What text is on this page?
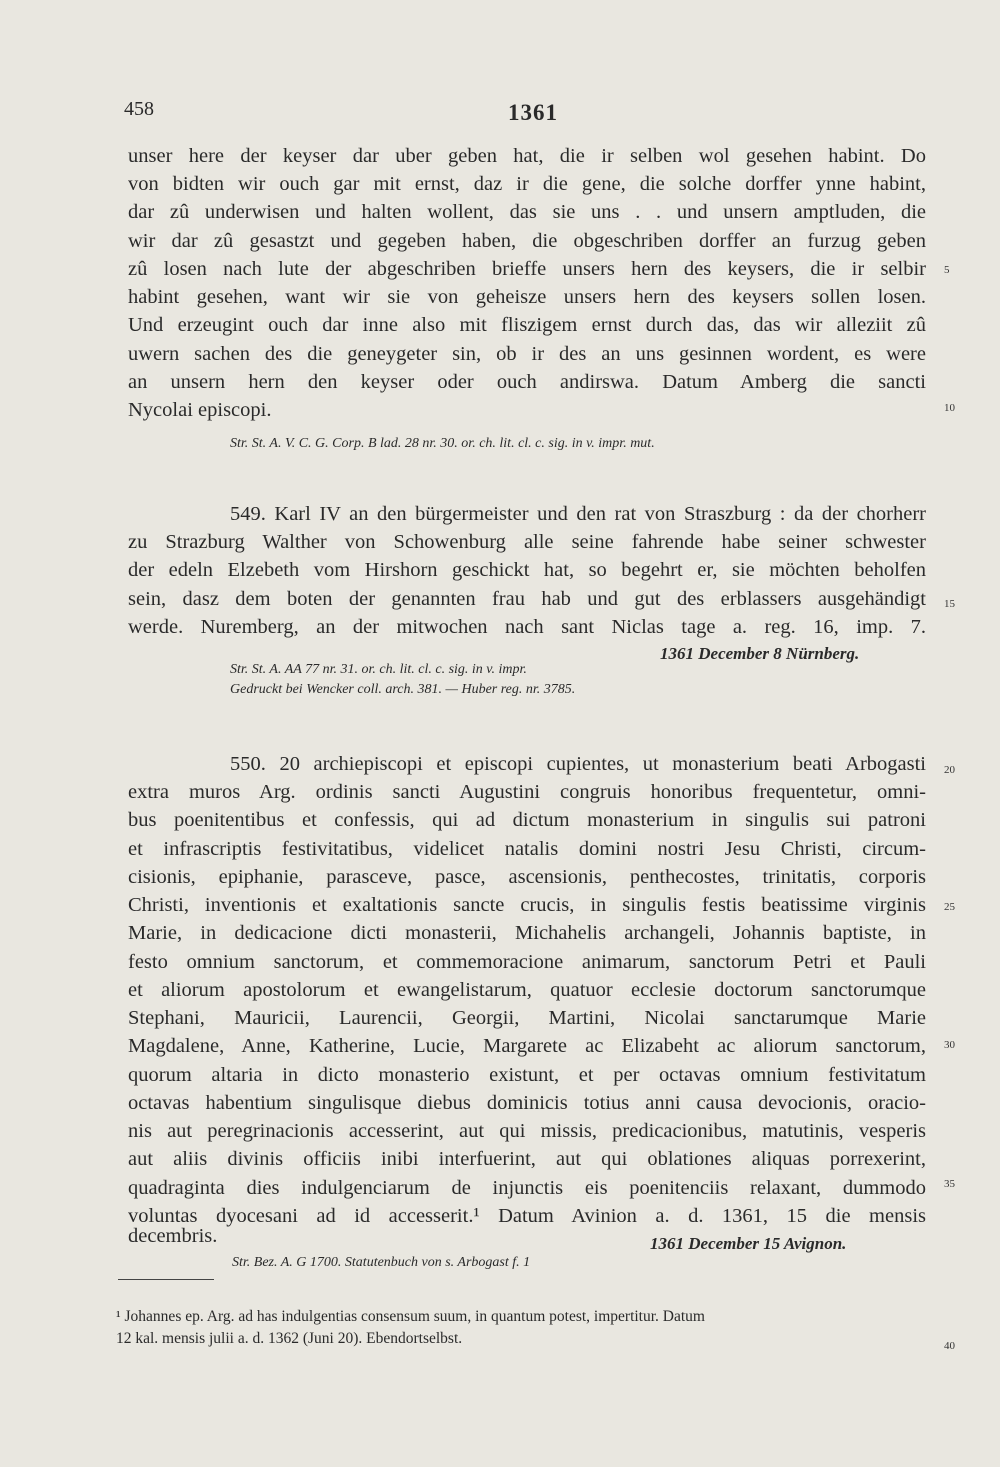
458	1361
unser here der keyser dar uber geben hat, die ir selben wol gesehen habint. Do
von bidten wir ouch gar mit ernst, daz ir die gene, die solche dorffer ynne habint,
dar zû underwisen und halten wollent, das sie uns . . und unsern amptluden, die
wir dar zû gesastzt und gegeben haben, die obgeschriben dorffer an furzug geben
zû losen nach lute der abgeschriben brieffe unsers hern des keysers, die ir selbir
habint gesehen, want wir sie von geheisze unsers hern des keysers sollen losen.
Und erzeugint ouch dar inne also mit fliszigem ernst durch das, das wir alleziit zû
uwern sachen des die geneygeter sin, ob ir des an uns gesinnen wordent, es were
an unsern hern den keyser oder ouch andirswa. Datum Amberg die sancti
Nycolai episcopi.
Str. St. A. V. C. G. Corp. B lad. 28 nr. 30. or. ch. lit. cl. c. sig. in v. impr. mut.
549. Karl IV an den bürgermeister und den rat von Straszburg : da der chorherr
zu Strazburg Walther von Schowenburg alle seine fahrende habe seiner schwester
der edeln Elzebeth vom Hirshorn geschickt hat, so begehrt er, sie möchten beholfen
sein, dasz dem boten der genannten frau hab und gut des erblassers ausgehändigt
werde. Nuremberg, an der mitwochen nach sant Niclas tage a. reg. 16, imp. 7.
1361 December 8 Nürnberg.
Str. St. A. AA 77 nr. 31. or. ch. lit. cl. c. sig. in v. impr.
Gedruckt bei Wencker coll. arch. 381. — Huber reg. nr. 3785.
550. 20 archiepiscopi et episcopi cupientes, ut monasterium beati Arbogasti
extra muros Arg. ordinis sancti Augustini congruis honoribus frequentetur, omni-
bus poenitentibus et confessis, qui ad dictum monasterium in singulis sui patroni
et infrascriptis festivitatibus, videlicet natalis domini nostri Jesu Christi, circum-
cisionis, epiphanie, parasceve, pasce, ascensionis, penthecostes, trinitatis, corporis
Christi, inventionis et exaltationis sancte crucis, in singulis festis beatissime virginis
Marie, in dedicacione dicti monasterii, Michahelis archangeli, Johannis baptiste, in
festo omnium sanctorum, et commemoracione animarum, sanctorum Petri et Pauli
et aliorum apostolorum et ewangelistarum, quatuor ecclesie doctorum sanctorumque
Stephani, Mauricii, Laurencii, Georgii, Martini, Nicolai sanctarumque Marie
Magdalene, Anne, Katherine, Lucie, Margarete ac Elizabeht ac aliorum sanctorum,
quorum altaria in dicto monasterio existunt, et per octavas omnium festivitatum
octavas habentium singulisque diebus dominicis totius anni causa devocionis, oracio-
nis aut peregrinacionis accesserint, aut qui missis, predicacionibus, matutinis, vesperis
aut aliis divinis officiis inibi interfuerint, aut qui oblationes aliquas porrexerint,
quadraginta dies indulgenciarum de injunctis eis poenitenciis relaxant, dummodo
voluntas dyocesani ad id accesserit.¹ Datum Avinion a. d. 1361, 15 die mensis
decembris.	1361 December 15 Avignon.
Str. Bez. A. G 1700. Statutenbuch von s. Arbogast f. 1
¹ Johannes ep. Arg. ad has indulgentias consensum suum, in quantum potest, impertitur. Datum
12 kal. mensis julii a. d. 1362 (Juni 20). Ebendortselbst.
5
10
15
20
25
30
35
40
